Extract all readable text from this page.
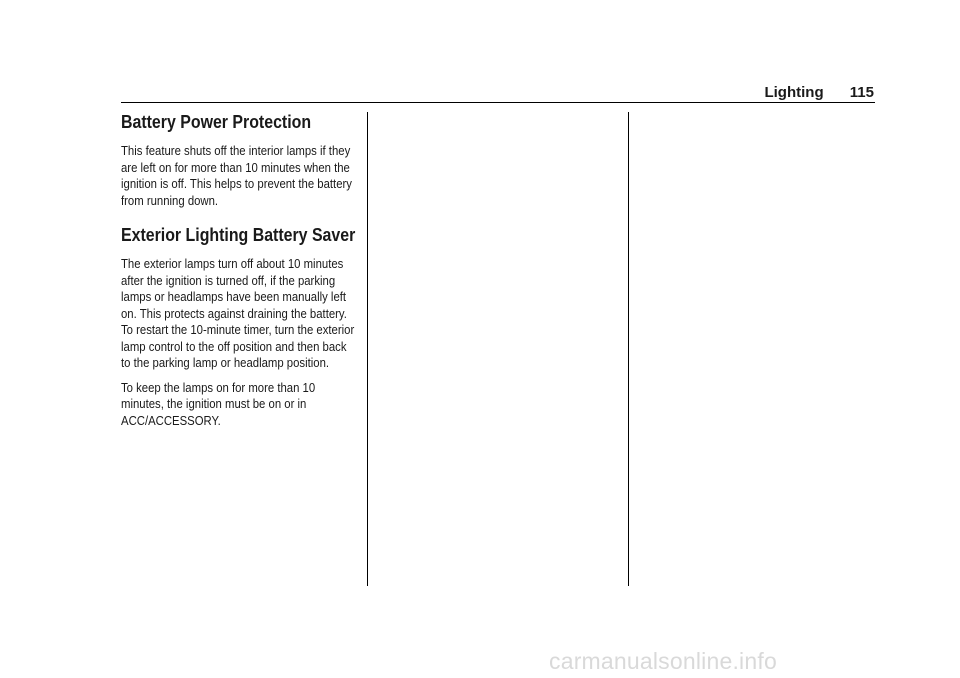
Lighting 115
Battery Power Protection

This feature shuts off the interior lamps if they are left on for more than 10 minutes when the ignition is off. This helps to prevent the battery from running down.

Exterior Lighting Battery Saver

The exterior lamps turn off about 10 minutes after the ignition is turned off, if the parking lamps or headlamps have been manually left on. This protects against draining the battery. To restart the 10-minute timer, turn the exterior lamp control to the off position and then back to the parking lamp or headlamp position.

To keep the lamps on for more than 10 minutes, the ignition must be on or in ACC/ACCESSORY.

carmanualsonline.info
